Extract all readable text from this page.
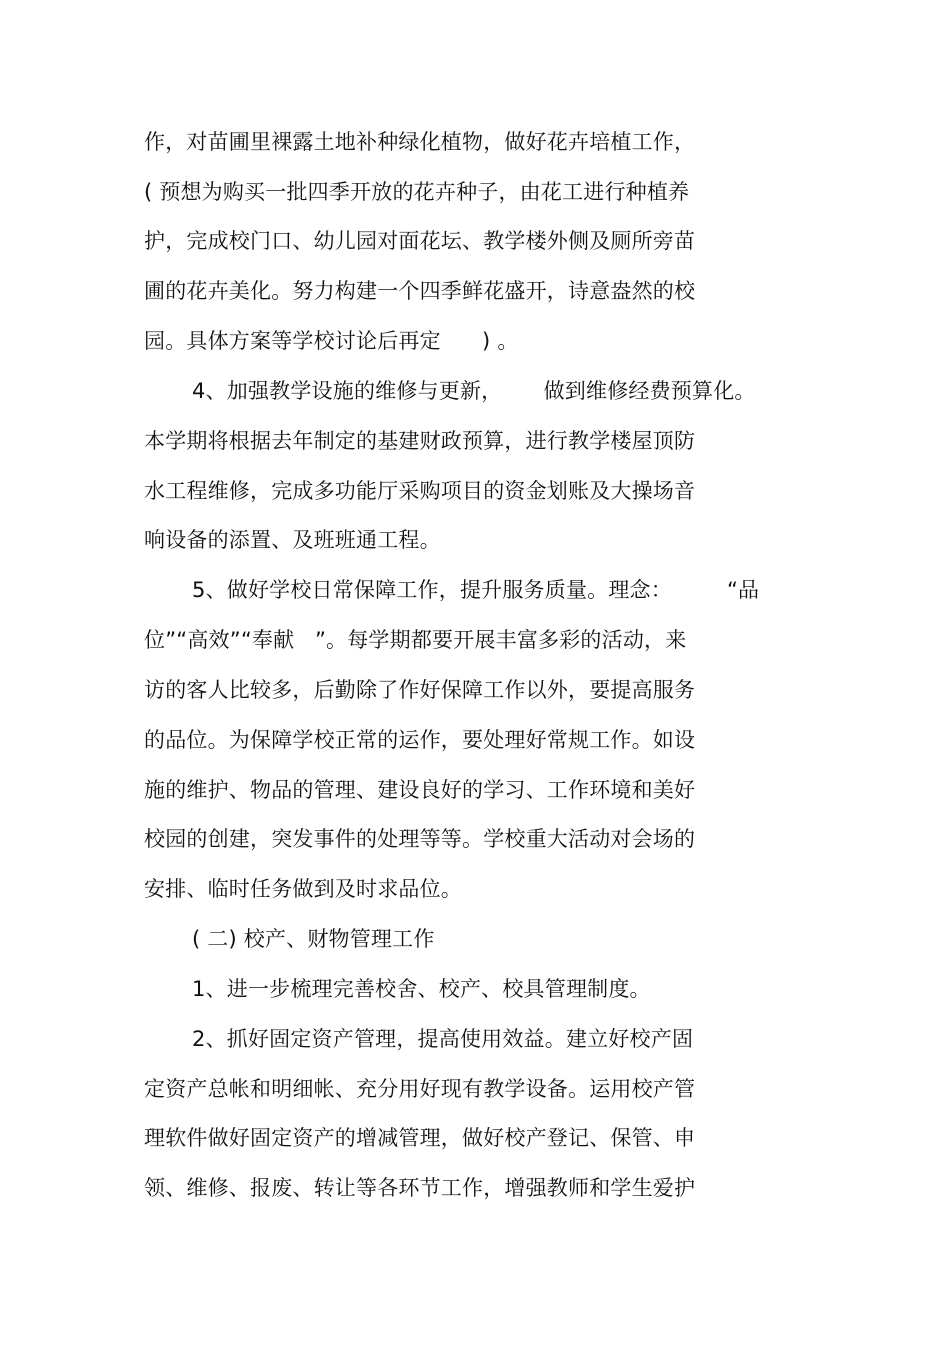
作，对苗圃里裸露土地补种绿化植物，做好花卉培植工作，
( 预想为购买一批四季开放的花卉种子，由花工进行种植养
护，完成校门口、幼儿园对面花坛、教学楼外侧及厕所旁苗
圃的花卉美化。努力构建一个四季鲜花盛开，诗意盎然的校
园。具体方案等学校讨论后再定      ) 。
4、加强教学设施的维修与更新，      做到维修经费预算化。
本学期将根据去年制定的基建财政预算，进行教学楼屋顶防
水工程维修，完成多功能厅采购项目的资金划账及大操场音
响设备的添置、及班班通工程。
5、做好学校日常保障工作，提升服务质量。理念：        “品
位”“高效”“奉献   ”。每学期都要开展丰富多彩的活动，来
访的客人比较多，后勤除了作好保障工作以外，要提高服务
的品位。为保障学校正常的运作，要处理好常规工作。如设
施的维护、物品的管理、建设良好的学习、工作环境和美好
校园的创建，突发事件的处理等等。学校重大活动对会场的
安排、临时任务做到及时求品位。
( 二) 校产、财物管理工作
1、进一步梳理完善校舍、校产、校具管理制度。
2、抓好固定资产管理，提高使用效益。建立好校产固
定资产总帐和明细帐、充分用好现有教学设备。运用校产管
理软件做好固定资产的增减管理，做好校产登记、保管、申
领、维修、报废、转让等各环节工作，增强教师和学生爱护
